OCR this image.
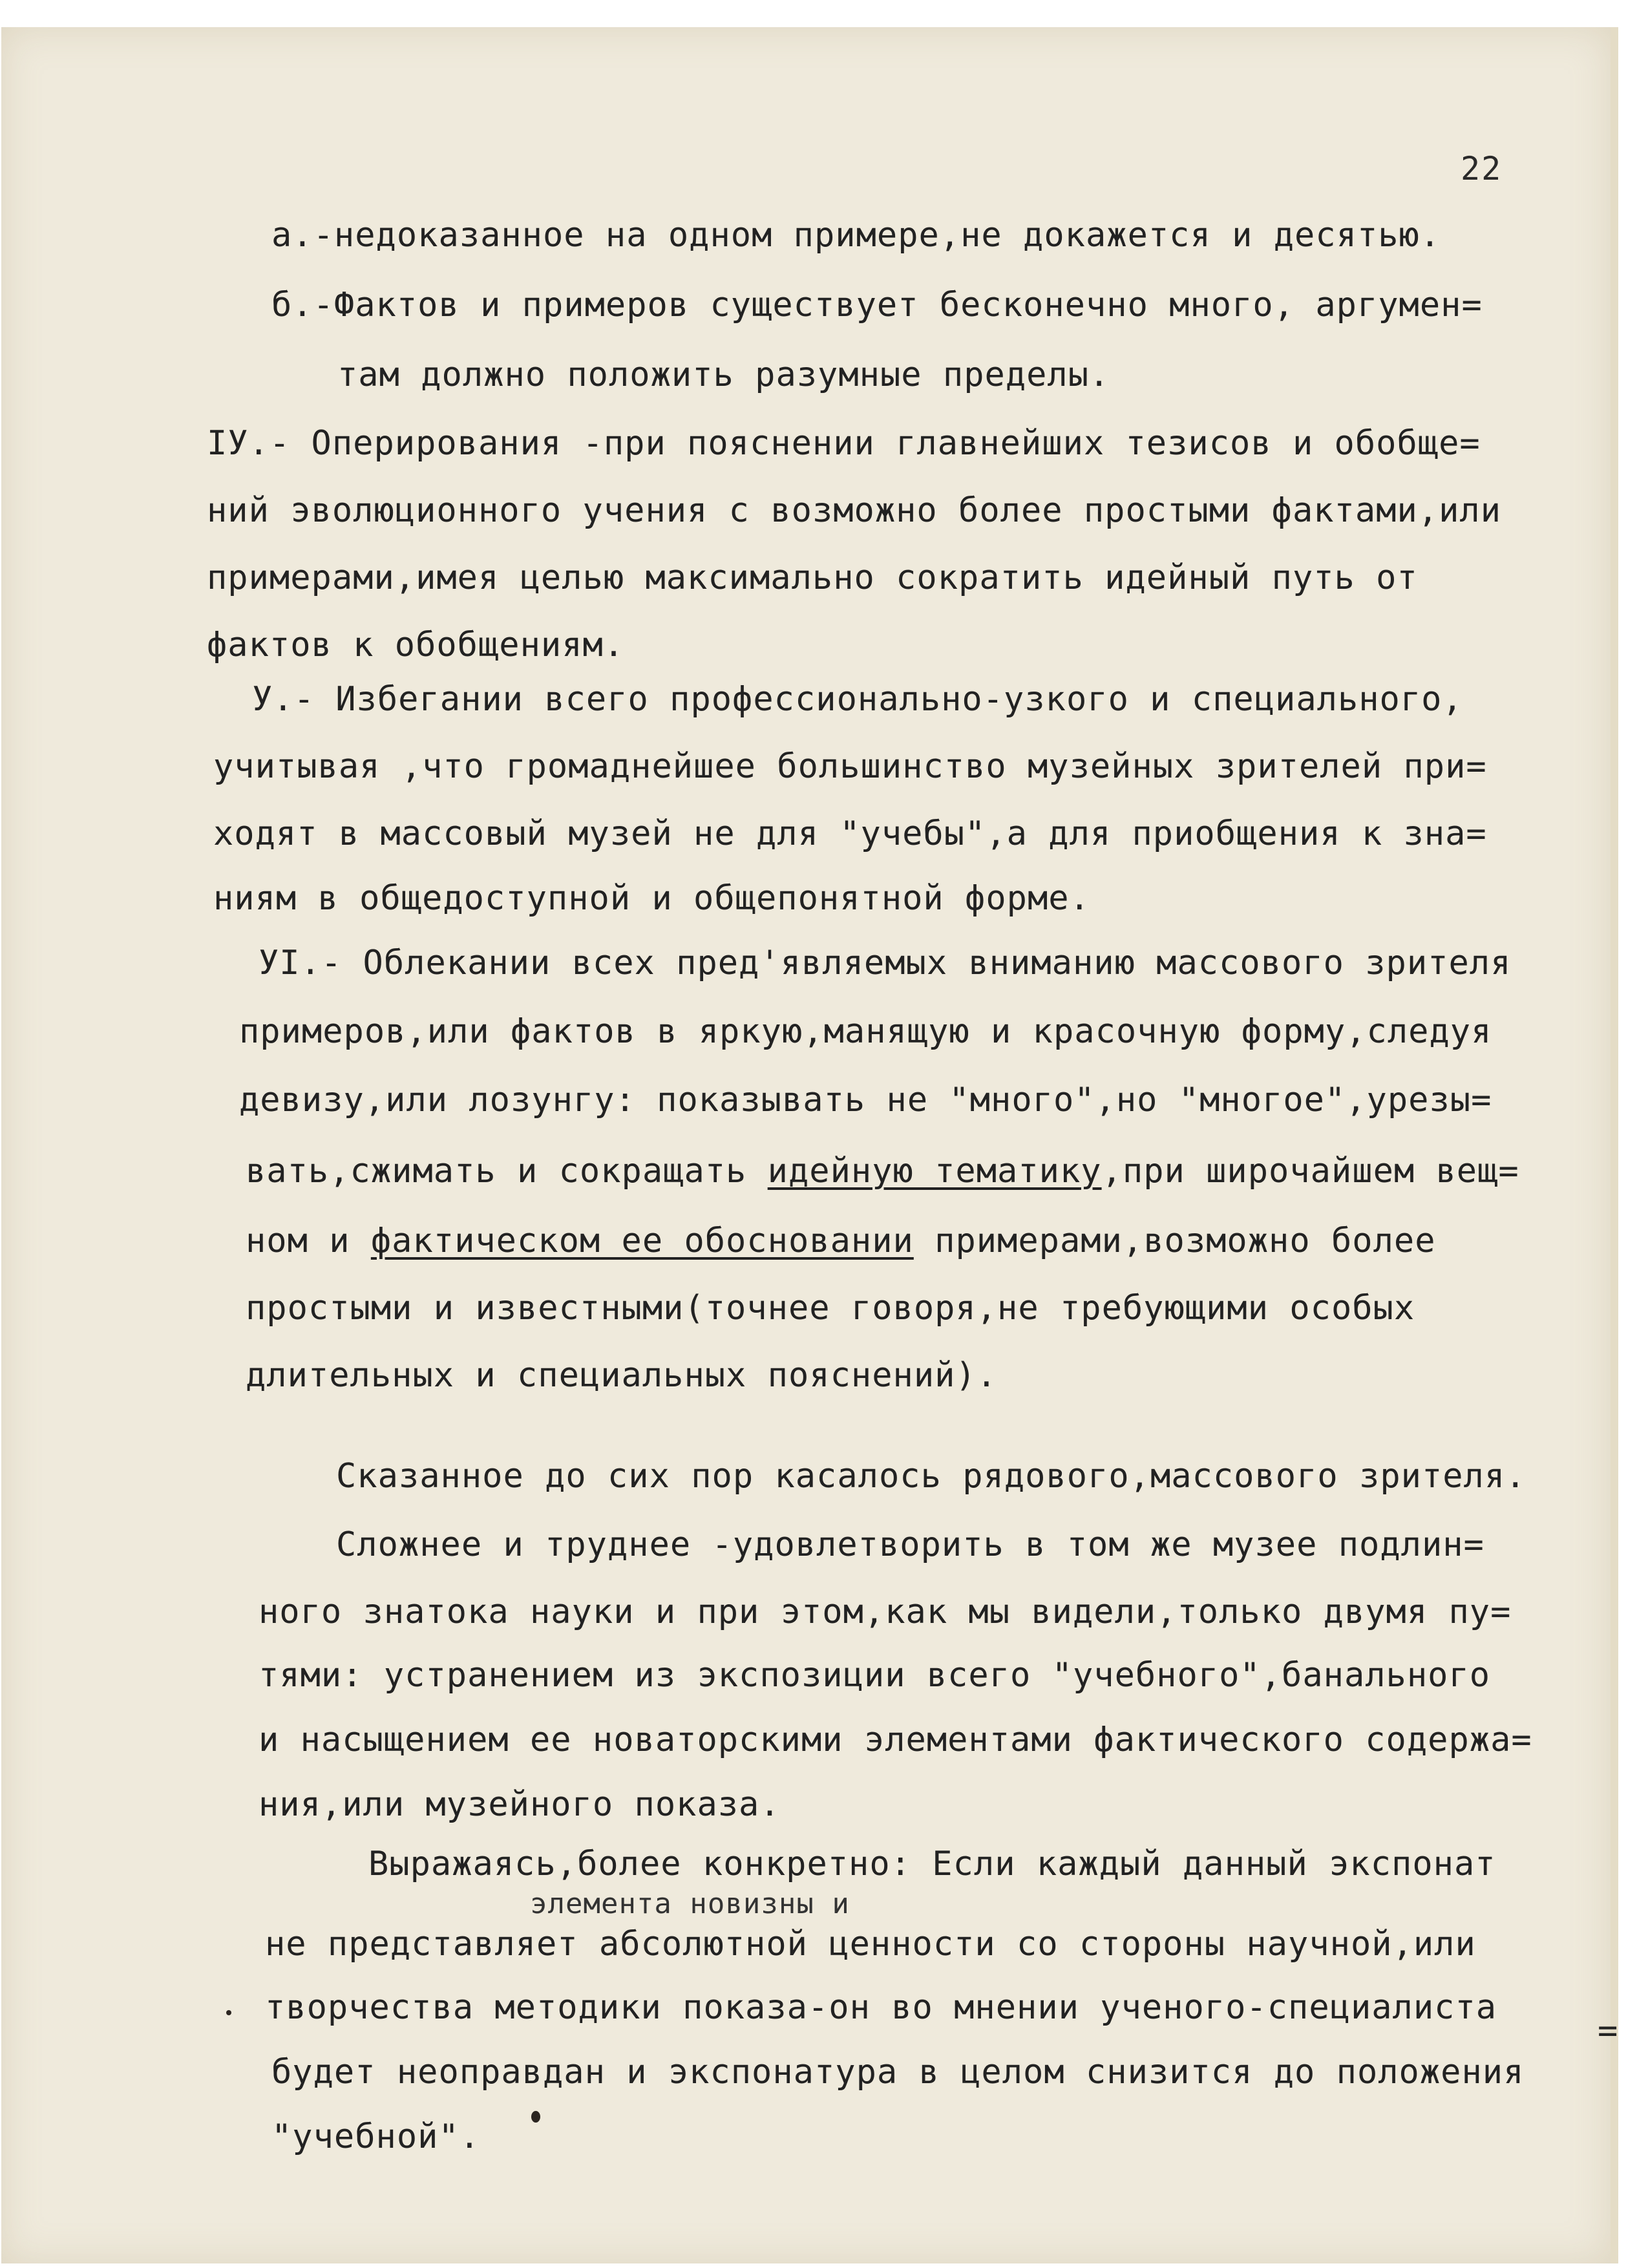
22
а.-недоказанное на одном примере,не докажется и десятью.
б.-Фактов и примеров существует бесконечно много, аргумен=
там должно положить разумные пределы.
IУ.- Оперирования -при пояснении главнейших тезисов и обобще=
ний эволюционного учения с возможно более простыми фактами,или
примерами,имея целью максимально сократить идейный путь от
фактов к обобщениям.
У.- Избегании всего профессионально-узкого и специального,
учитывая ,что громаднейшее большинство музейных зрителей при=
ходят в массовый музей не для "учебы",а для приобщения к зна=
ниям в общедоступной и общепонятной форме.
УI.- Облекании всех пред'являемых вниманию массового зрителя
примеров,или фактов в яркую,манящую и красочную форму,следуя
девизу,или лозунгу: показывать не "много",но "многое",урезы=
вать,сжимать и сокращать идейную тематику,при широчайшем вещ=
ном и фактическом ее обосновании примерами,возможно более
простыми и известными(точнее говоря,не требующими особых
длительных и специальных пояснений).
Сказанное до сих пор касалось рядового,массового зрителя.
Сложнее и труднее -удовлетворить в том же музее подлин=
ного знатока науки и при этом,как мы видели,только двумя пу=
тями: устранением из экспозиции всего "учебного",банального
и насыщением ее новаторскими элементами фактического содержа=
ния,или музейного показа.
Выражаясь,более конкретно: Если каждый данный экспонат
элемента новизны и
не представляет абсолютной ценности со стороны научной,или
творчества методики показа-он во мнении ученого-специалиста
будет неоправдан и экспонатура в целом снизится до положения
"учебной".
=
